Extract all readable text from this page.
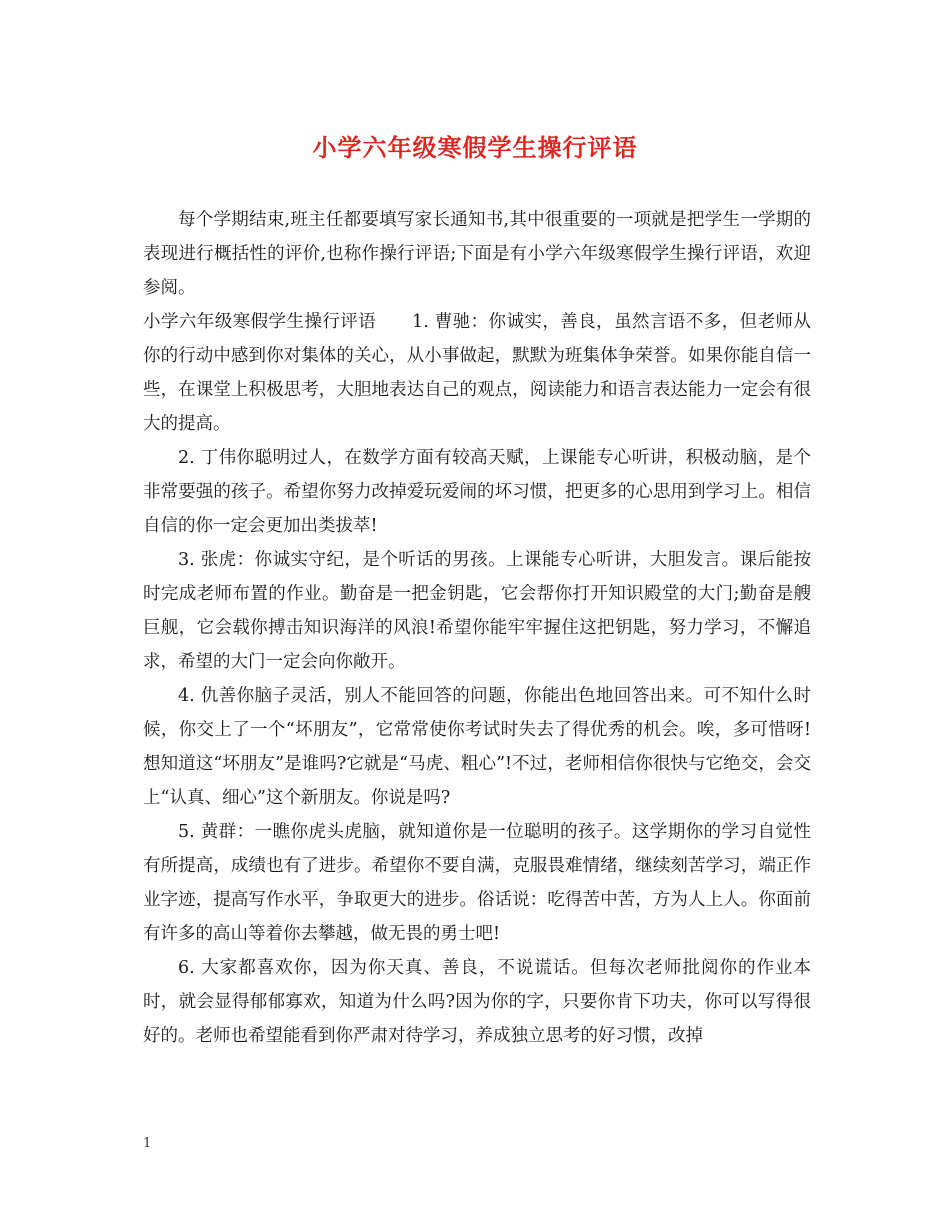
小学六年级寒假学生操行评语

每个学期结束,班主任都要填写家长通知书,其中很重要的一项就是把学生一学期的表现进行概括性的评价,也称作操行评语;下面是有小学六年级寒假学生操行评语，欢迎参阅。

小学六年级寒假学生操行评语　　1. 曹驰：你诚实，善良，虽然言语不多，但老师从你的行动中感到你对集体的关心，从小事做起，默默为班集体争荣誉。如果你能自信一些，在课堂上积极思考，大胆地表达自己的观点，阅读能力和语言表达能力一定会有很大的提高。

2. 丁伟你聪明过人，在数学方面有较高天赋，上课能专心听讲，积极动脑，是个非常要强的孩子。希望你努力改掉爱玩爱闹的坏习惯，把更多的心思用到学习上。相信自信的你一定会更加出类拔萃!

3. 张虎：你诚实守纪，是个听话的男孩。上课能专心听讲，大胆发言。课后能按时完成老师布置的作业。勤奋是一把金钥匙，它会帮你打开知识殿堂的大门;勤奋是艘巨舰，它会载你搏击知识海洋的风浪!希望你能牢牢握住这把钥匙，努力学习，不懈追求，希望的大门一定会向你敞开。

4. 仇善你脑子灵活，别人不能回答的问题，你能出色地回答出来。可不知什么时候，你交上了一个“坏朋友”，它常常使你考试时失去了得优秀的机会。唉，多可惜呀!想知道这“坏朋友”是谁吗?它就是“马虎、粗心”!不过，老师相信你很快与它绝交，会交上“认真、细心”这个新朋友。你说是吗?

5. 黄群：一瞧你虎头虎脑，就知道你是一位聪明的孩子。这学期你的学习自觉性有所提高，成绩也有了进步。希望你不要自满，克服畏难情绪，继续刻苦学习，端正作业字迹，提高写作水平，争取更大的进步。俗话说：吃得苦中苦，方为人上人。你面前有许多的高山等着你去攀越，做无畏的勇士吧!

6. 大家都喜欢你，因为你天真、善良，不说谎话。但每次老师批阅你的作业本时，就会显得郁郁寡欢，知道为什么吗?因为你的字，只要你肯下功夫，你可以写得很好的。老师也希望能看到你严肃对待学习，养成独立思考的好习惯，改掉

1
